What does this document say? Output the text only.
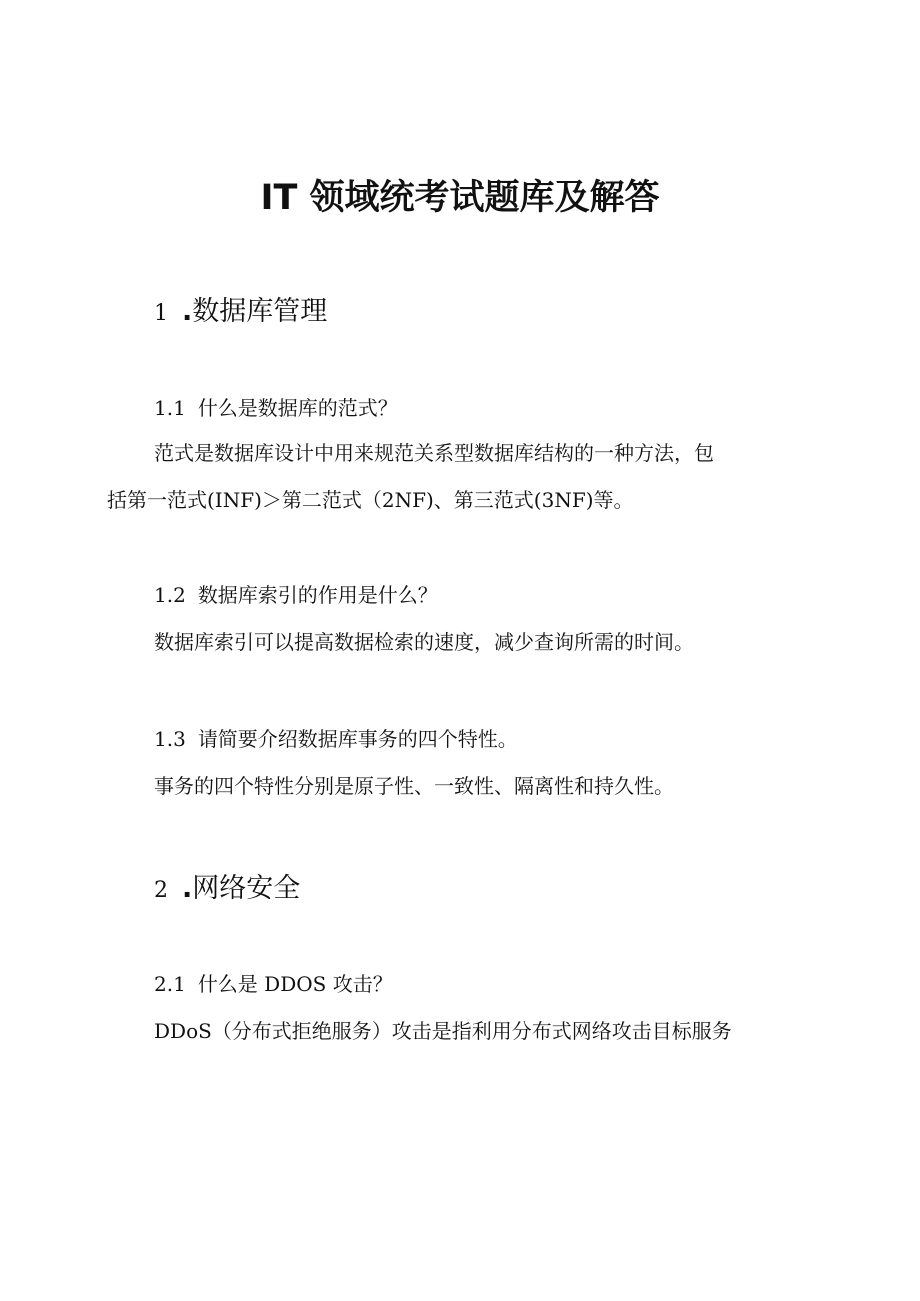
IT 领域统考试题库及解答
1 .数据库管理
1.1 什么是数据库的范式？
范式是数据库设计中用来规范关系型数据库结构的一种方法，包
括第一范式(INF)＞第二范式（2NF)、第三范式(3NF)等。
1.2 数据库索引的作用是什么？
数据库索引可以提高数据检索的速度，减少查询所需的时间。
1.3 请简要介绍数据库事务的四个特性。
事务的四个特性分别是原子性、一致性、隔离性和持久性。
2 .网络安全
2.1 什么是 DDOS 攻击？
DDoS（分布式拒绝服务）攻击是指利用分布式网络攻击目标服务
